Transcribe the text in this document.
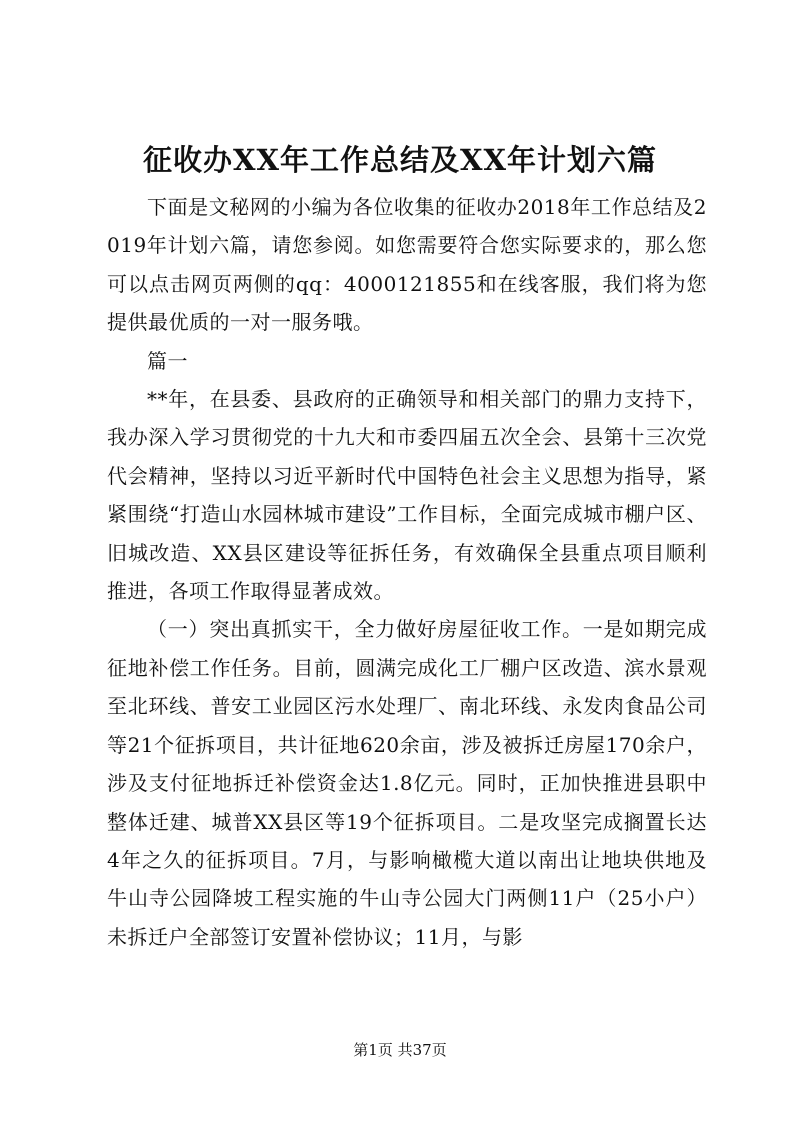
征收办XX年工作总结及XX年计划六篇

下面是文秘网的小编为各位收集的征收办2018年工作总结及2019年计划六篇，请您参阅。如您需要符合您实际要求的，那么您可以点击网页两侧的qq：4000121855和在线客服，我们将为您提供最优质的一对一服务哦。

篇一

**年，在县委、县政府的正确领导和相关部门的鼎力支持下，我办深入学习贯彻党的十九大和市委四届五次全会、县第十三次党代会精神，坚持以习近平新时代中国特色社会主义思想为指导，紧紧围绕“打造山水园林城市建设”工作目标，全面完成城市棚户区、旧城改造、XX县区建设等征拆任务，有效确保全县重点项目顺利推进，各项工作取得显著成效。

（一）突出真抓实干，全力做好房屋征收工作。一是如期完成征地补偿工作任务。目前，圆满完成化工厂棚户区改造、滨水景观至北环线、普安工业园区污水处理厂、南北环线、永发肉食品公司等21个征拆项目，共计征地620余亩，涉及被拆迁房屋170余户，涉及支付征地拆迁补偿资金达1.8亿元。同时，正加快推进县职中整体迁建、城普XX县区等19个征拆项目。二是攻坚完成搁置长达4年之久的征拆项目。7月，与影响橄榄大道以南出让地块供地及牛山寺公园降坡工程实施的牛山寺公园大门两侧11户（25小户）未拆迁户全部签订安置补偿协议；11月，与影

第1页 共37页
